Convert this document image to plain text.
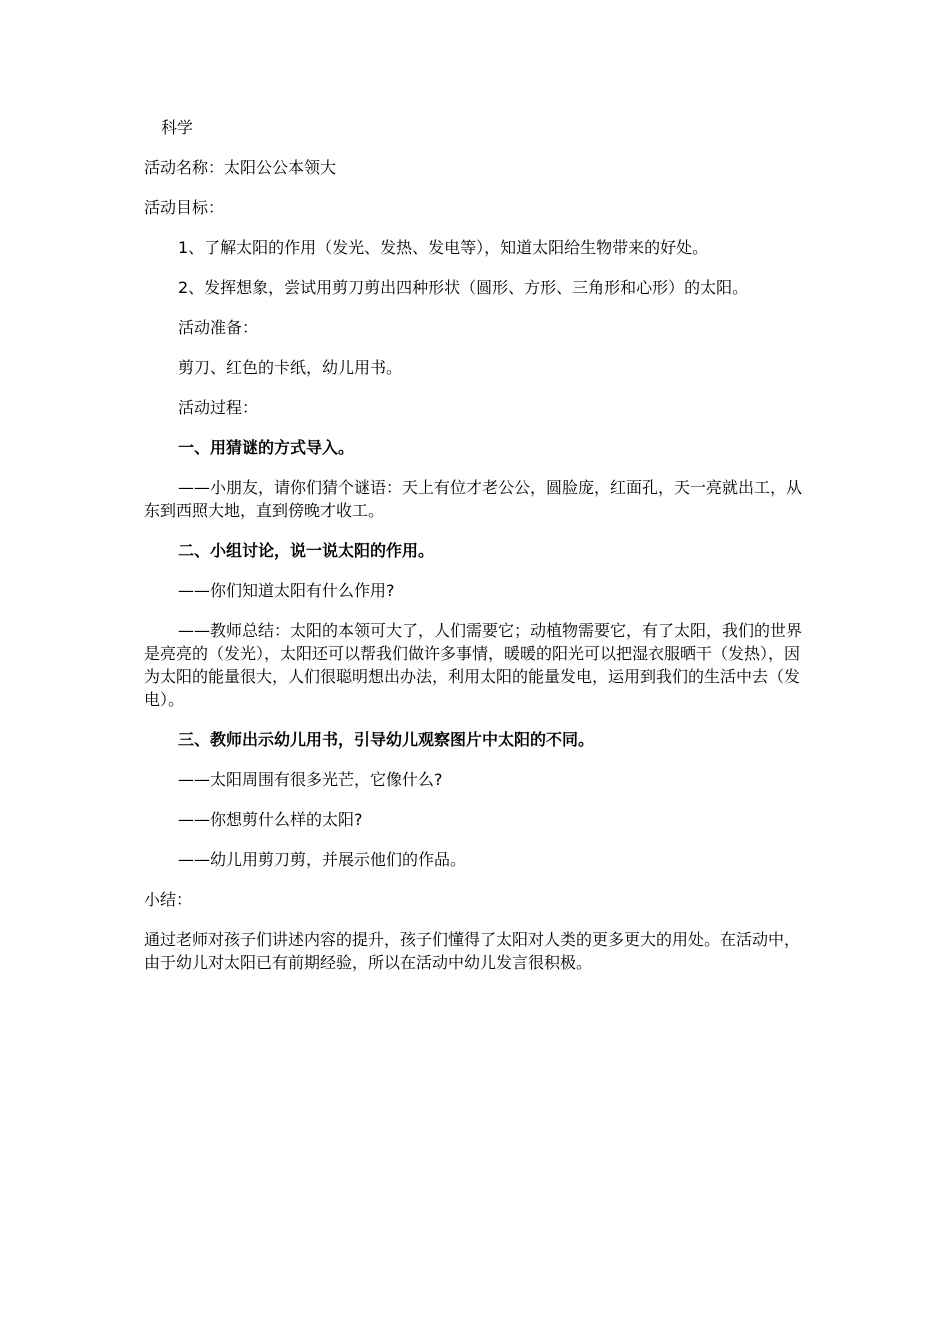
科学

活动名称：太阳公公本领大

活动目标：

1、了解太阳的作用（发光、发热、发电等），知道太阳给生物带来的好处。

2、发挥想象，尝试用剪刀剪出四种形状（圆形、方形、三角形和心形）的太阳。

活动准备：

剪刀、红色的卡纸，幼儿用书。

活动过程：

一、用猜谜的方式导入。

——小朋友，请你们猜个谜语：天上有位才老公公，圆脸庞，红面孔，天一亮就出工，从东到西照大地，直到傍晚才收工。

二、小组讨论，说一说太阳的作用。

——你们知道太阳有什么作用?

——教师总结：太阳的本领可大了，人们需要它；动植物需要它，有了太阳，我们的世界是亮亮的（发光），太阳还可以帮我们做许多事情，暖暖的阳光可以把湿衣服晒干（发热），因为太阳的能量很大，人们很聪明想出办法，利用太阳的能量发电，运用到我们的生活中去（发电）。

三、教师出示幼儿用书，引导幼儿观察图片中太阳的不同。

——太阳周围有很多光芒，它像什么?

——你想剪什么样的太阳?

——幼儿用剪刀剪，并展示他们的作品。

小结：

通过老师对孩子们讲述内容的提升，孩子们懂得了太阳对人类的更多更大的用处。在活动中，由于幼儿对太阳已有前期经验，所以在活动中幼儿发言很积极。
